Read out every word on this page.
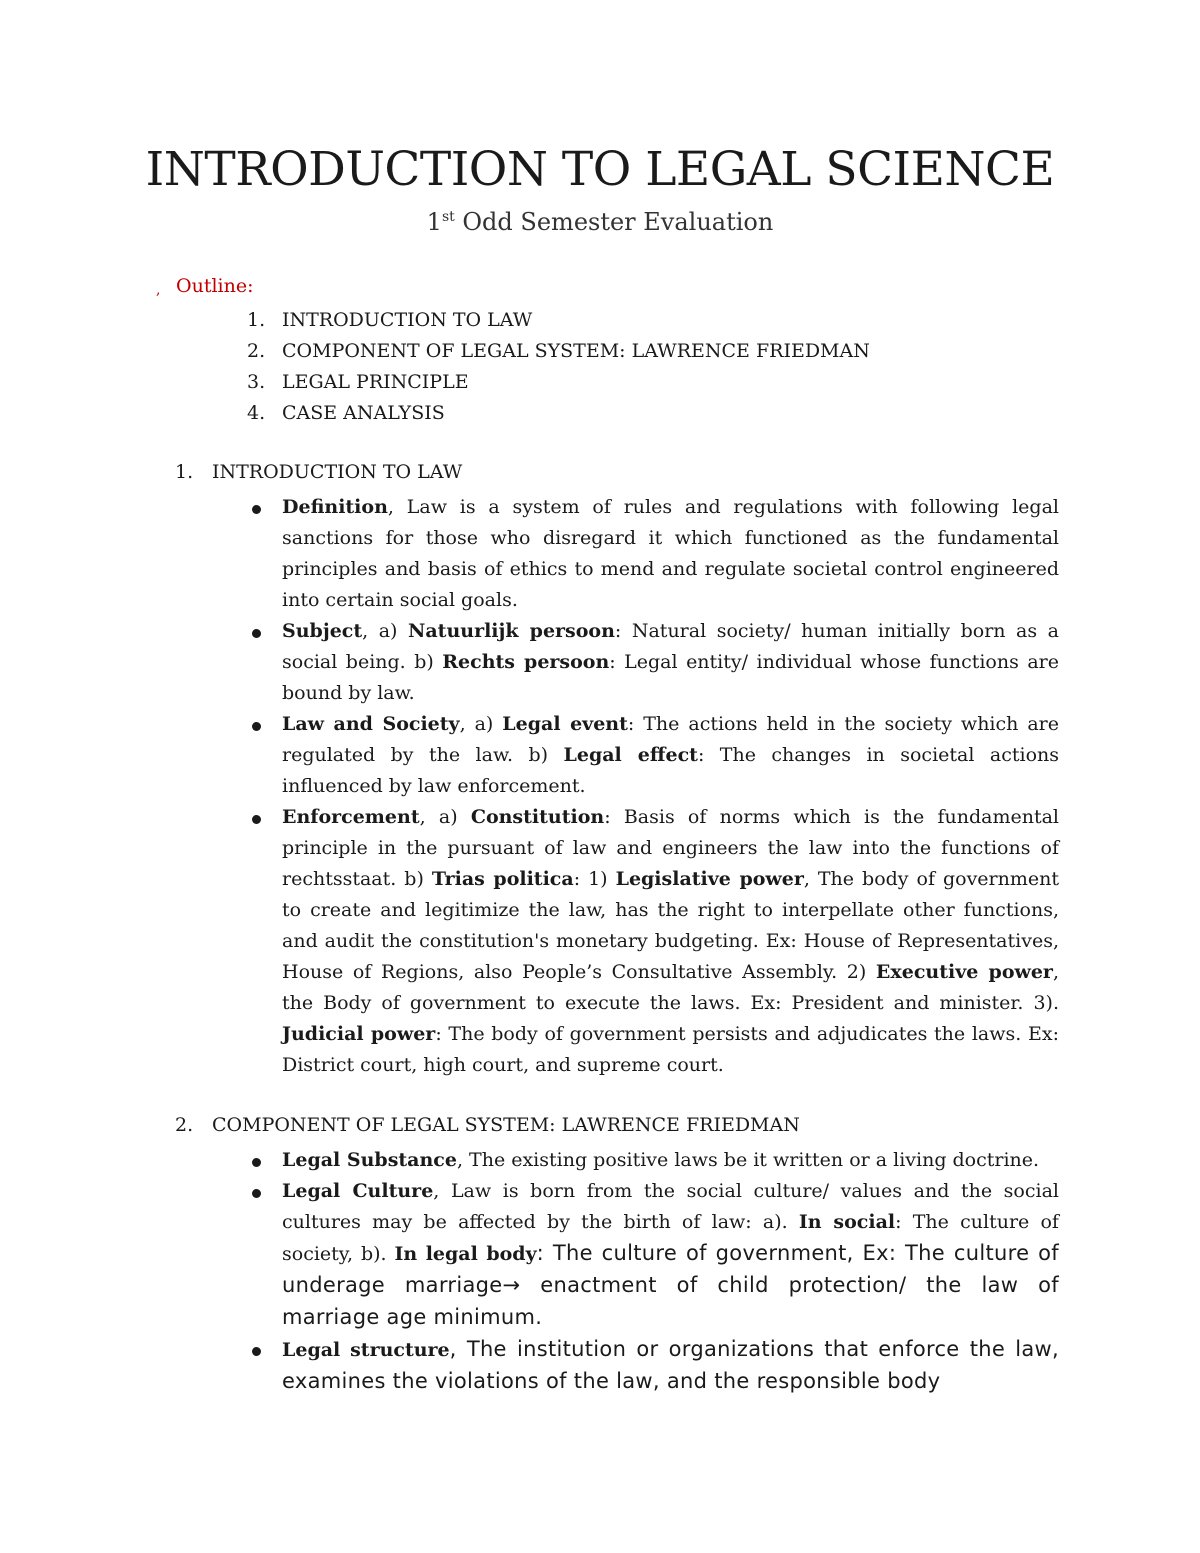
INTRODUCTION TO LEGAL SCIENCE

1st Odd Semester Evaluation

, Outline:
1. INTRODUCTION TO LAW
2. COMPONENT OF LEGAL SYSTEM: LAWRENCE FRIEDMAN
3. LEGAL PRINCIPLE
4. CASE ANALYSIS
1. INTRODUCTION TO LAW
Definition, Law is a system of rules and regulations with following legal sanctions for those who disregard it which functioned as the fundamental principles and basis of ethics to mend and regulate societal control engineered into certain social goals.
Subject, a) Natuurlijk persoon: Natural society/ human initially born as a social being. b) Rechts persoon: Legal entity/ individual whose functions are bound by law.
Law and Society, a) Legal event: The actions held in the society which are regulated by the law. b) Legal effect: The changes in societal actions influenced by law enforcement.
Enforcement, a) Constitution: Basis of norms which is the fundamental principle in the pursuant of law and engineers the law into the functions of rechtsstaat. b) Trias politica: 1) Legislative power, The body of government to create and legitimize the law, has the right to interpellate other functions, and audit the constitution's monetary budgeting. Ex: House of Representatives, House of Regions, also People’s Consultative Assembly. 2) Executive power, the Body of government to execute the laws. Ex: President and minister. 3). Judicial power: The body of government persists and adjudicates the laws. Ex: District court, high court, and supreme court.
2. COMPONENT OF LEGAL SYSTEM: LAWRENCE FRIEDMAN
Legal Substance, The existing positive laws be it written or a living doctrine.
Legal Culture, Law is born from the social culture/ values and the social cultures may be affected by the birth of law: a). In social: The culture of society, b). In legal body: The culture of government, Ex: The culture of underage marriage→ enactment of child protection/ the law of marriage age minimum.
Legal structure, The institution or organizations that enforce the law, examines the violations of the law, and the responsible body
